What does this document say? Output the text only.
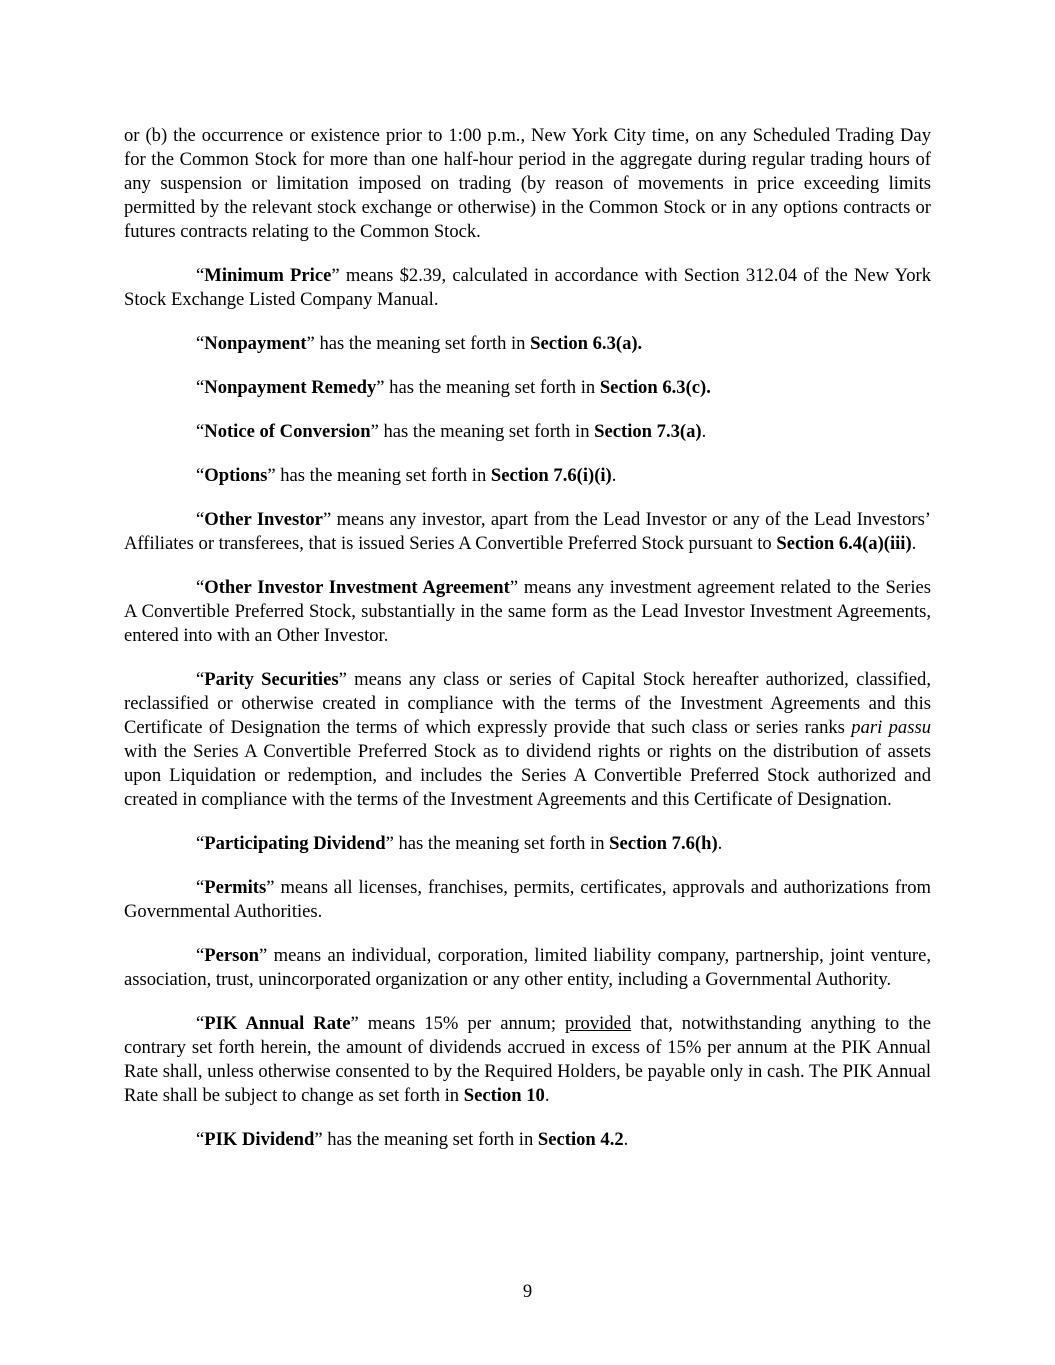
or (b) the occurrence or existence prior to 1:00 p.m., New York City time, on any Scheduled Trading Day for the Common Stock for more than one half-hour period in the aggregate during regular trading hours of any suspension or limitation imposed on trading (by reason of movements in price exceeding limits permitted by the relevant stock exchange or otherwise) in the Common Stock or in any options contracts or futures contracts relating to the Common Stock.

“Minimum Price” means $2.39, calculated in accordance with Section 312.04 of the New York Stock Exchange Listed Company Manual.

“Nonpayment” has the meaning set forth in Section 6.3(a).

“Nonpayment Remedy” has the meaning set forth in Section 6.3(c).

“Notice of Conversion” has the meaning set forth in Section 7.3(a).

“Options” has the meaning set forth in Section 7.6(i)(i).

“Other Investor” means any investor, apart from the Lead Investor or any of the Lead Investors’ Affiliates or transferees, that is issued Series A Convertible Preferred Stock pursuant to Section 6.4(a)(iii).

“Other Investor Investment Agreement” means any investment agreement related to the Series A Convertible Preferred Stock, substantially in the same form as the Lead Investor Investment Agreements, entered into with an Other Investor.

“Parity Securities” means any class or series of Capital Stock hereafter authorized, classified, reclassified or otherwise created in compliance with the terms of the Investment Agreements and this Certificate of Designation the terms of which expressly provide that such class or series ranks pari passu with the Series A Convertible Preferred Stock as to dividend rights or rights on the distribution of assets upon Liquidation or redemption, and includes the Series A Convertible Preferred Stock authorized and created in compliance with the terms of the Investment Agreements and this Certificate of Designation.

“Participating Dividend” has the meaning set forth in Section 7.6(h).

“Permits” means all licenses, franchises, permits, certificates, approvals and authorizations from Governmental Authorities.

“Person” means an individual, corporation, limited liability company, partnership, joint venture, association, trust, unincorporated organization or any other entity, including a Governmental Authority.

“PIK Annual Rate” means 15% per annum; provided that, notwithstanding anything to the contrary set forth herein, the amount of dividends accrued in excess of 15% per annum at the PIK Annual Rate shall, unless otherwise consented to by the Required Holders, be payable only in cash. The PIK Annual Rate shall be subject to change as set forth in Section 10.

“PIK Dividend” has the meaning set forth in Section 4.2.

9
